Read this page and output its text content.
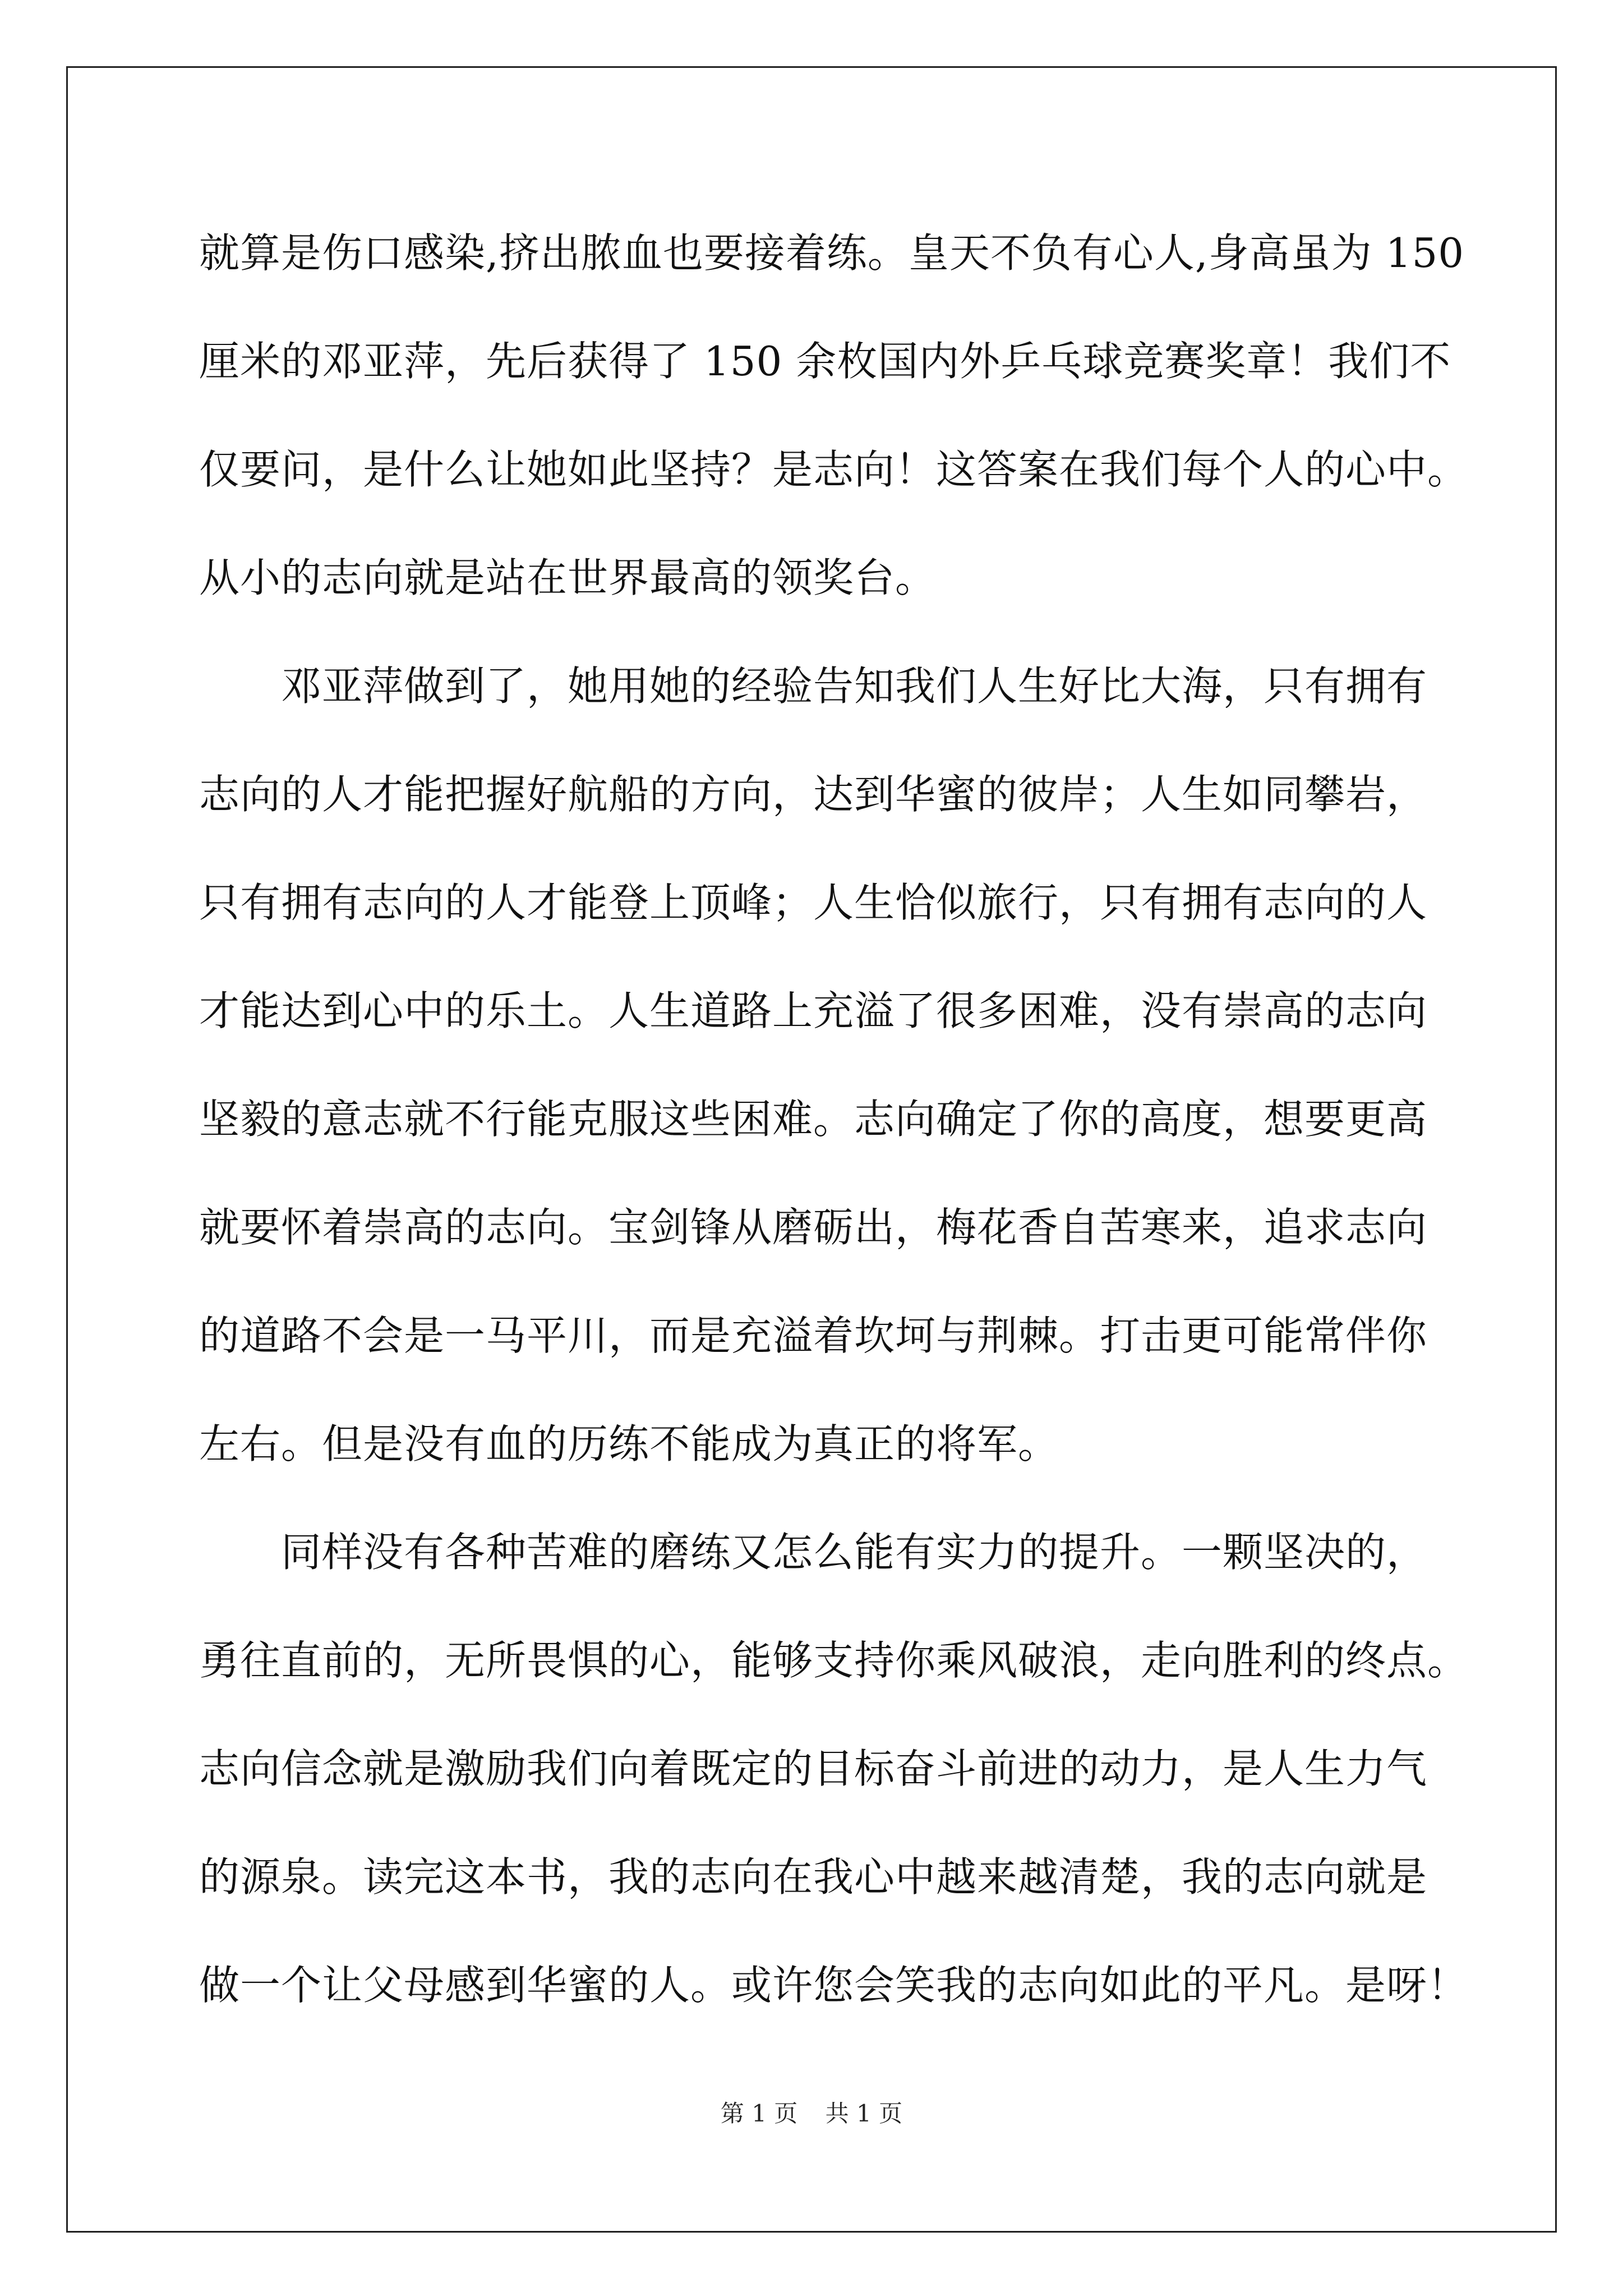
就算是伤口感染,挤出脓血也要接着练。皇天不负有心人,身高虽为 150
厘米的邓亚萍，先后获得了 150 余枚国内外乒乓球竞赛奖章！我们不
仅要问，是什么让她如此坚持？是志向！这答案在我们每个人的心中。
从小的志向就是站在世界最高的领奖台。
　　邓亚萍做到了，她用她的经验告知我们人生好比大海，只有拥有
志向的人才能把握好航船的方向，达到华蜜的彼岸；人生如同攀岩，
只有拥有志向的人才能登上顶峰；人生恰似旅行，只有拥有志向的人
才能达到心中的乐土。人生道路上充溢了很多困难，没有崇高的志向
坚毅的意志就不行能克服这些困难。志向确定了你的高度，想要更高
就要怀着崇高的志向。宝剑锋从磨砺出，梅花香自苦寒来，追求志向
的道路不会是一马平川，而是充溢着坎坷与荆棘。打击更可能常伴你
左右。但是没有血的历练不能成为真正的将军。
　　同样没有各种苦难的磨练又怎么能有实力的提升。一颗坚决的，
勇往直前的，无所畏惧的心，能够支持你乘风破浪，走向胜利的终点。
志向信念就是激励我们向着既定的目标奋斗前进的动力，是人生力气
的源泉。读完这本书，我的志向在我心中越来越清楚，我的志向就是
做一个让父母感到华蜜的人。或许您会笑我的志向如此的平凡。是呀！
第 1 页 共 1 页
